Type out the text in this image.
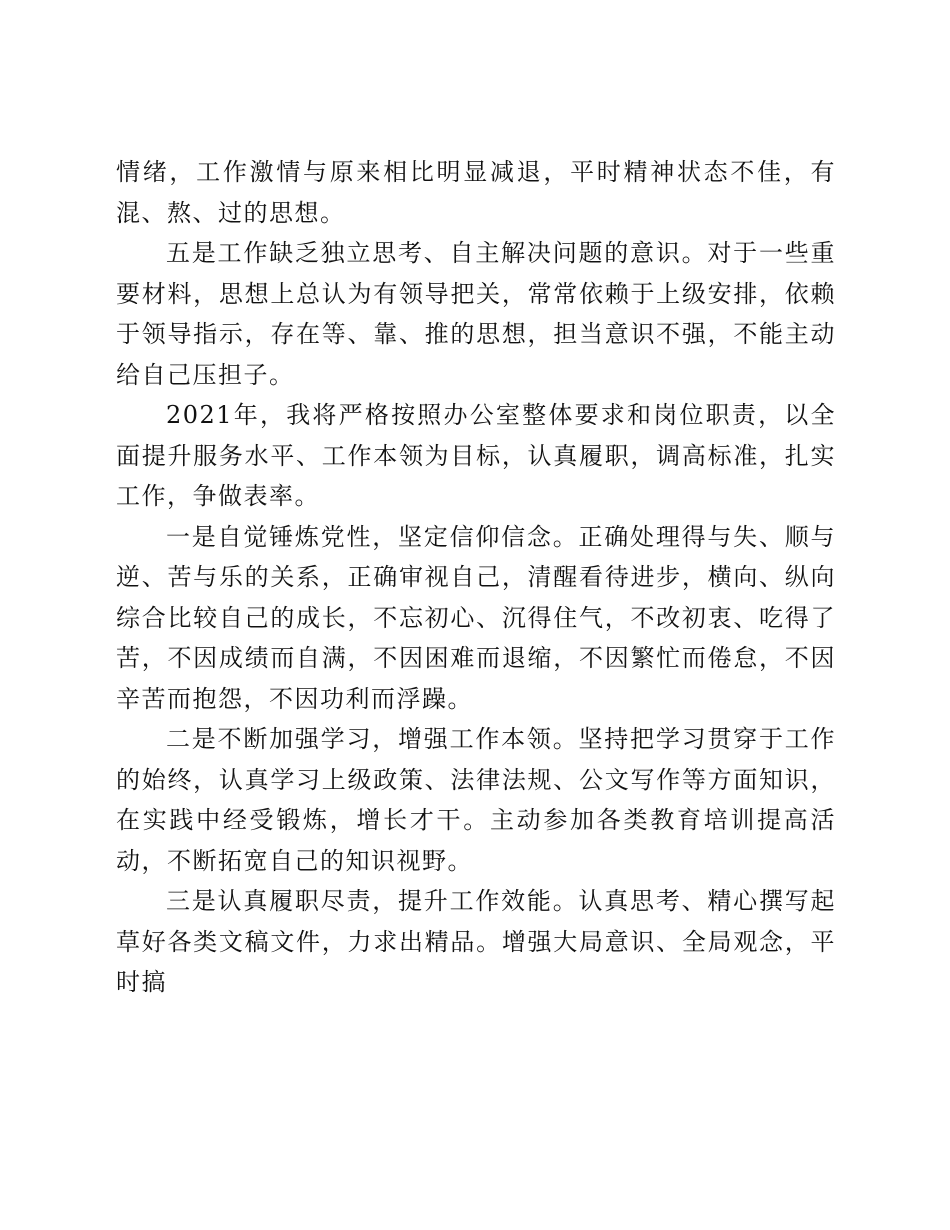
情绪，工作激情与原来相比明显减退，平时精神状态不佳，有混、熬、过的思想。

五是工作缺乏独立思考、自主解决问题的意识。对于一些重要材料，思想上总认为有领导把关，常常依赖于上级安排，依赖于领导指示，存在等、靠、推的思想，担当意识不强，不能主动给自己压担子。

2021年，我将严格按照办公室整体要求和岗位职责，以全面提升服务水平、工作本领为目标，认真履职，调高标准，扎实工作，争做表率。

一是自觉锤炼党性，坚定信仰信念。正确处理得与失、顺与逆、苦与乐的关系，正确审视自己，清醒看待进步，横向、纵向综合比较自己的成长，不忘初心、沉得住气，不改初衷、吃得了苦，不因成绩而自满，不因困难而退缩，不因繁忙而倦怠，不因辛苦而抱怨，不因功利而浮躁。

二是不断加强学习，增强工作本领。坚持把学习贯穿于工作的始终，认真学习上级政策、法律法规、公文写作等方面知识，在实践中经受锻炼，增长才干。主动参加各类教育培训提高活动，不断拓宽自己的知识视野。

三是认真履职尽责，提升工作效能。认真思考、精心撰写起草好各类文稿文件，力求出精品。增强大局意识、全局观念，平时搞
